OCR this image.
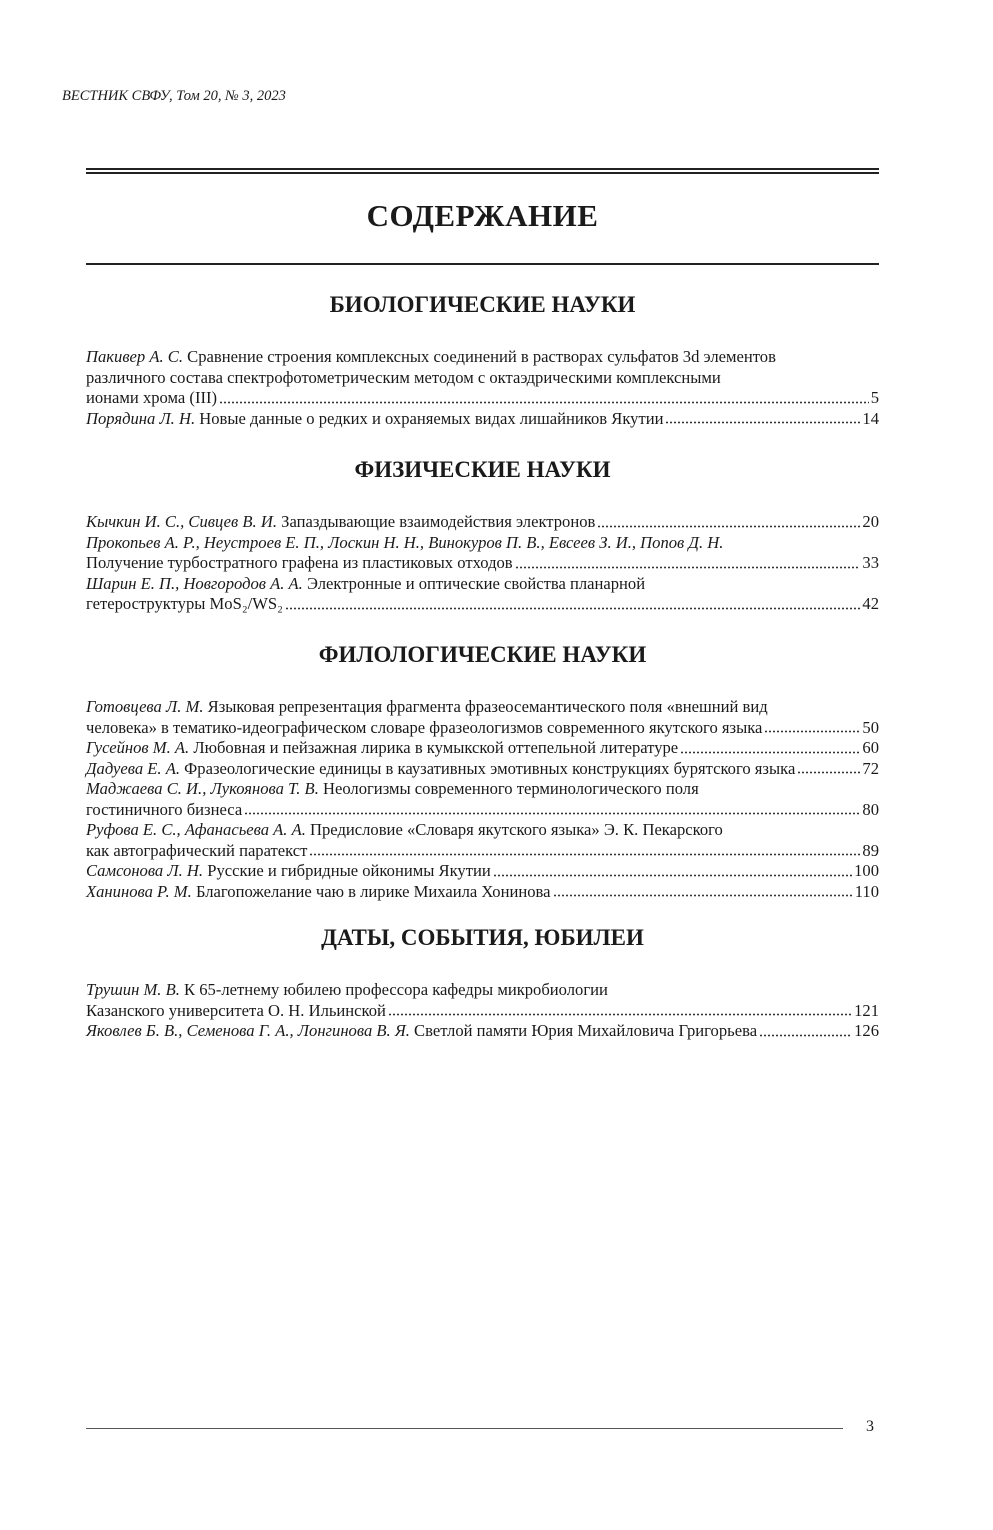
ВЕСТНИК СВФУ, Том 20, № 3, 2023
СОДЕРЖАНИЕ
БИОЛОГИЧЕСКИЕ НАУКИ
Пакивер А. С.
Сравнение строения комплексных соединений в растворах сульфатов 3d элементов
различного состава спектрофотометрическим методом с октаэдрическими комплексными
ионами хрома (III)	5
Порядина Л. Н.
Новые данные о редких и охраняемых видах лишайников Якутии	14
ФИЗИЧЕСКИЕ НАУКИ
Кычкин И. С., Сивцев В. И.
Запаздывающие взаимодействия электронов	20
Прокопьев А. Р., Неустроев Е. П., Лоскин Н. Н., Винокуров П. В., Евсеев З. И., Попов Д. Н.
Получение турбостратного графена из пластиковых отходов	33
Шарин Е. П., Новгородов А. А.
Электронные и оптические свойства планарной
гетероструктуры MoS₂/WS₂	42
ФИЛОЛОГИЧЕСКИЕ НАУКИ
Готовцева Л. М.
Языковая репрезентация фрагмента фразеосемантического поля «внешний вид
человека» в тематико-идеографическом словаре фразеологизмов современного якутского языка	50
Гусейнов М. А.
Любовная и пейзажная лирика в кумыкской оттепельной литературе	60
Дадуева Е. А.
Фразеологические единицы в каузативных эмотивных конструкциях бурятского языка	72
Маджаева С. И., Лукоянова Т. В.
Неологизмы современного терминологического поля
гостиничного бизнеса	80
Руфова Е. С., Афанасьева А. А.
Предисловие «Словаря якутского языка» Э. К. Пекарского
как автографический паратекст	89
Самсонова Л. Н.
Русские и гибридные ойконимы Якутии	100
Ханинова Р. М.
Благопожелание чаю в лирике Михаила Хонинова	110
ДАТЫ, СОБЫТИЯ, ЮБИЛЕИ
Трушин М. В.
К 65-летнему юбилею профессора кафедры микробиологии
Казанского университета О. Н. Ильинской	121
Яковлев Б. В., Семенова Г. А., Лонгинова В. Я.
Светлой памяти Юрия Михайловича Григорьева	126
3
